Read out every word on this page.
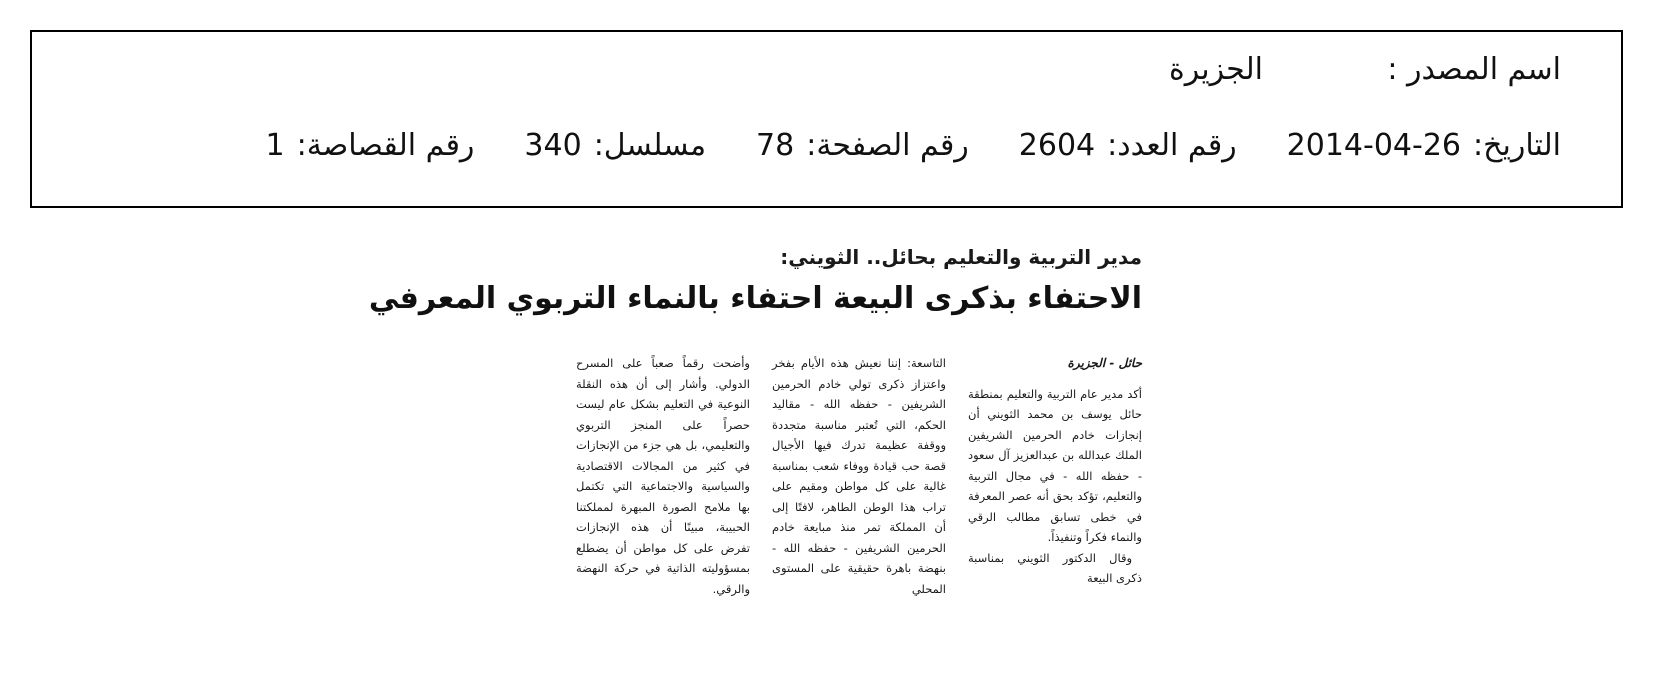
اسم المصدر :
الجزيرة
التاريخ:
2014-04-26
رقم العدد:
2604
رقم الصفحة:
78
مسلسل:
340
رقم القصاصة:
1
مدير التربية والتعليم بحائل.. الثويني:
الاحتفاء بذكرى البيعة احتفاء بالنماء التربوي المعرفي
حائل - الجزيرة

أكد مدير عام التربية والتعليم بمنطقة حائل يوسف بن محمد الثويني أن إنجازات خادم الحرمين الشريفين الملك عبدالله بن عبدالعزيز آل سعود - حفظه الله - في مجال التربية والتعليم، تؤكد بحق أنه عصر المعرفة في خطى تسابق مطالب الرقي والنماء فكراً وتنفيذاً.

وقال الدكتور الثويني بمناسبة ذكرى البيعة

التاسعة: إننا نعيش هذه الأيام بفخر واعتزاز ذكرى تولي خادم الحرمين الشريفين - حفظه الله - مقاليد الحكم، التي تُعتبر مناسبة متجددة ووقفة عظيمة تدرك فيها الأجيال قصة حب قيادة ووفاء شعب بمناسبة غالية على كل مواطن ومقيم على تراب هذا الوطن الطاهر، لافتًا إلى أن المملكة تمر منذ مبايعة خادم الحرمين الشريفين - حفظه الله - بنهضة باهرة حقيقية على المستوى المحلي

وأضحت رقماً صعباً على المسرح الدولي. وأشار إلى أن هذه النقلة النوعية في التعليم بشكل عام ليست حصراً على المنجز التربوي والتعليمي، بل هي جزء من الإنجازات في كثير من المجالات الاقتصادية والسياسية والاجتماعية التي تكتمل بها ملامح الصورة المبهرة لمملكتنا الحبيبة، مبينًا أن هذه الإنجازات تفرض على كل مواطن أن يضطلع بمسؤوليته الذاتية في حركة النهضة والرقي.
